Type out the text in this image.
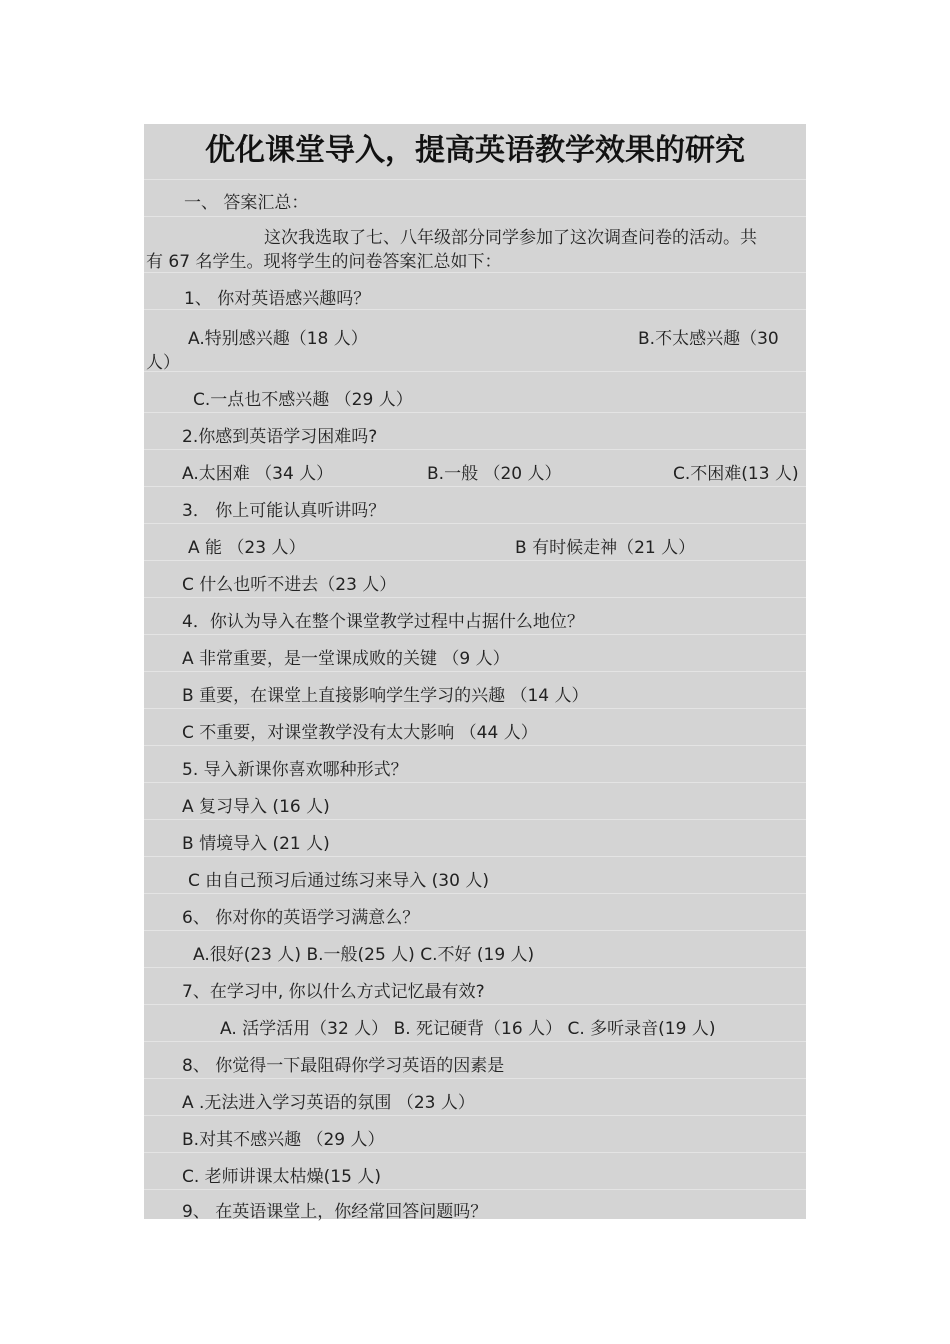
优化课堂导入，提高英语教学效果的研究
一、 答案汇总：
这次我选取了七、八年级部分同学参加了这次调查问卷的活动。共
有 67 名学生。现将学生的问卷答案汇总如下：
1、 你对英语感兴趣吗？
A.特别感兴趣（18 人）	B.不太感兴趣（30
人）
C.一点也不感兴趣 （29 人）
2.你感到英语学习困难吗?
A.太困难 （34 人）	B.一般 （20 人）	C.不困难(13 人)
3． 你上可能认真听讲吗？
A 能 （23 人）	B 有时候走神（21 人）
C 什么也听不进去（23 人）
4．你认为导入在整个课堂教学过程中占据什么地位？
A 非常重要，是一堂课成败的关键 （9 人）
B 重要，在课堂上直接影响学生学习的兴趣 （14 人）
C 不重要，对课堂教学没有太大影响 （44 人）
5. 导入新课你喜欢哪种形式？
A 复习导入 (16 人)
B 情境导入 (21 人)
C 由自己预习后通过练习来导入 (30 人)
6、 你对你的英语学习满意么？
A.很好(23 人) B.一般(25 人) C.不好 (19 人)
7、在学习中, 你以什么方式记忆最有效?
A. 活学活用（32 人） B. 死记硬背（16 人） C. 多听录音(19 人)
8、 你觉得一下最阻碍你学习英语的因素是
A .无法进入学习英语的氛围 （23 人）
B.对其不感兴趣 （29 人）
C. 老师讲课太枯燥(15 人)
9、 在英语课堂上，你经常回答问题吗？
